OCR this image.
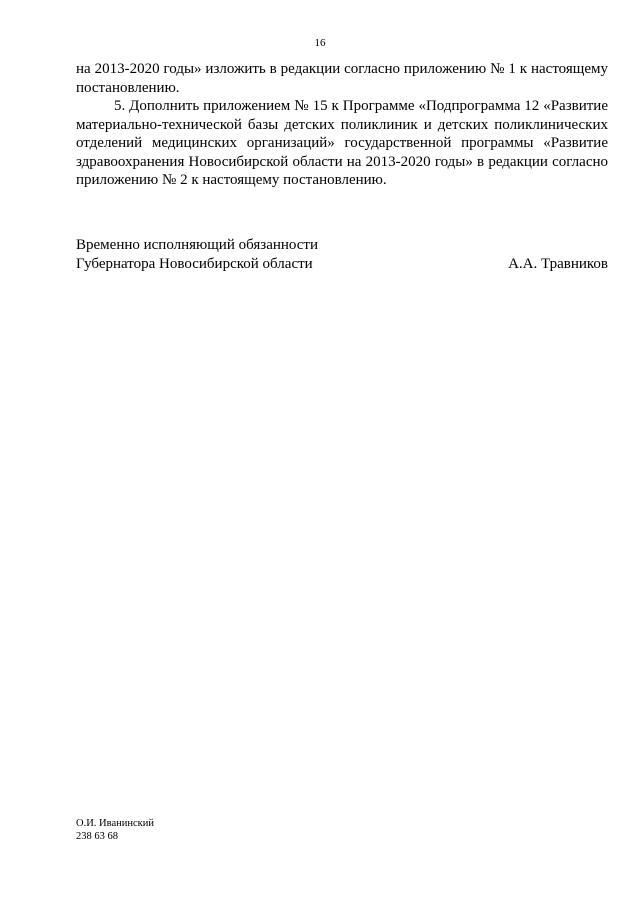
16

на 2013-2020 годы» изложить в редакции согласно приложению № 1 к настоящему постановлению.

5. Дополнить приложением № 15 к Программе «Подпрограмма 12 «Развитие материально-технической базы детских поликлиник и детских поликлинических отделений медицинских организаций» государственной программы «Развитие здравоохранения Новосибирской области на 2013-2020 годы» в редакции согласно приложению № 2 к настоящему постановлению.

Временно исполняющий обязанности
Губернатора Новосибирской области	А.А. Травников
О.И. Иванинский
238 63 68
